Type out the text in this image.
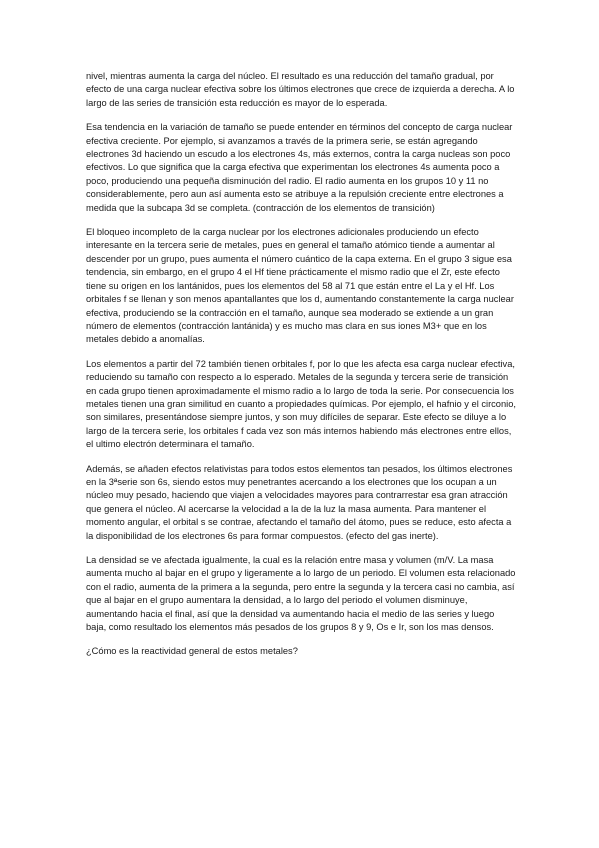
nivel, mientras aumenta la carga del núcleo. El resultado es una reducción del tamaño gradual, por efecto de una carga nuclear efectiva sobre los últimos electrones que crece de izquierda a derecha. A lo largo de las series de transición esta reducción es mayor de lo esperada.

Esa tendencia en la variación de tamaño se puede entender en términos del concepto de carga nuclear efectiva creciente. Por ejemplo, si avanzamos a través de la primera serie, se están agregando electrones 3d haciendo un escudo a los electrones 4s, más externos, contra la carga nucleas son poco efectivos. Lo que significa que la carga efectiva que experimentan los electrones 4s aumenta poco a poco, produciendo una pequeña disminución del radio. El radio aumenta en los grupos 10 y 11 no considerablemente, pero aun así aumenta esto se atribuye a la repulsión creciente entre electrones a medida que la subcapa 3d se completa. (contracción de los elementos de transición)

El bloqueo incompleto de la carga nuclear por los electrones adicionales produciendo un efecto interesante en la tercera serie de metales, pues en general el tamaño atómico tiende a aumentar al descender por un grupo, pues aumenta el número cuántico de la capa externa. En el grupo 3 sigue esa tendencia, sin embargo, en el grupo 4 el Hf tiene prácticamente el mismo radio que el Zr, este efecto tiene su origen en los lantánidos, pues los elementos del 58 al 71 que están entre el La y el Hf. Los orbitales f se llenan y son menos apantallantes que los d, aumentando constantemente la carga nuclear efectiva, produciendo se la contracción en el tamaño, aunque sea moderado se extiende a un gran número de elementos (contracción lantánida) y es mucho mas clara en sus iones M3+ que en los metales debido a anomalías.

Los elementos a partir del 72 también tienen orbitales f, por lo que les afecta esa carga nuclear efectiva, reduciendo su tamaño con respecto a lo esperado. Metales de la segunda y tercera serie de transición en cada grupo tienen aproximadamente el mismo radio a lo largo de toda la serie. Por consecuencia los metales tienen una gran similitud en cuanto a propiedades químicas. Por ejemplo, el hafnio y el circonio, son similares, presentándose siempre juntos, y son muy difíciles de separar. Este efecto se diluye a lo largo de la tercera serie, los orbitales f cada vez son más internos habiendo más electrones entre ellos, el ultimo electrón determinara el tamaño.

Además, se añaden efectos relativistas para todos estos elementos tan pesados, los últimos electrones en la 3ªserie son 6s, siendo estos muy penetrantes acercando a los electrones que los ocupan a un núcleo muy pesado, haciendo que viajen a velocidades mayores para contrarrestar esa gran atracción que genera el núcleo. Al acercarse la velocidad a la de la luz la masa aumenta. Para mantener el momento angular, el orbital s se contrae, afectando el tamaño del átomo, pues se reduce, esto afecta a la disponibilidad de los electrones 6s para formar compuestos. (efecto del gas inerte).

La densidad se ve afectada igualmente, la cual es la relación entre masa y volumen (m/V. La masa aumenta mucho al bajar en el grupo y ligeramente a lo largo de un periodo. El volumen esta relacionado con el radio, aumenta de la primera a la segunda, pero entre la segunda y la tercera casi no cambia, así que al bajar en el grupo aumentara la densidad, a lo largo del periodo el volumen disminuye, aumentando hacia el final, así que la densidad va aumentando hacia el medio de las series y luego baja, como resultado los elementos más pesados de los grupos 8 y 9, Os e Ir, son los mas densos.

¿Cómo es la reactividad general de estos metales?
